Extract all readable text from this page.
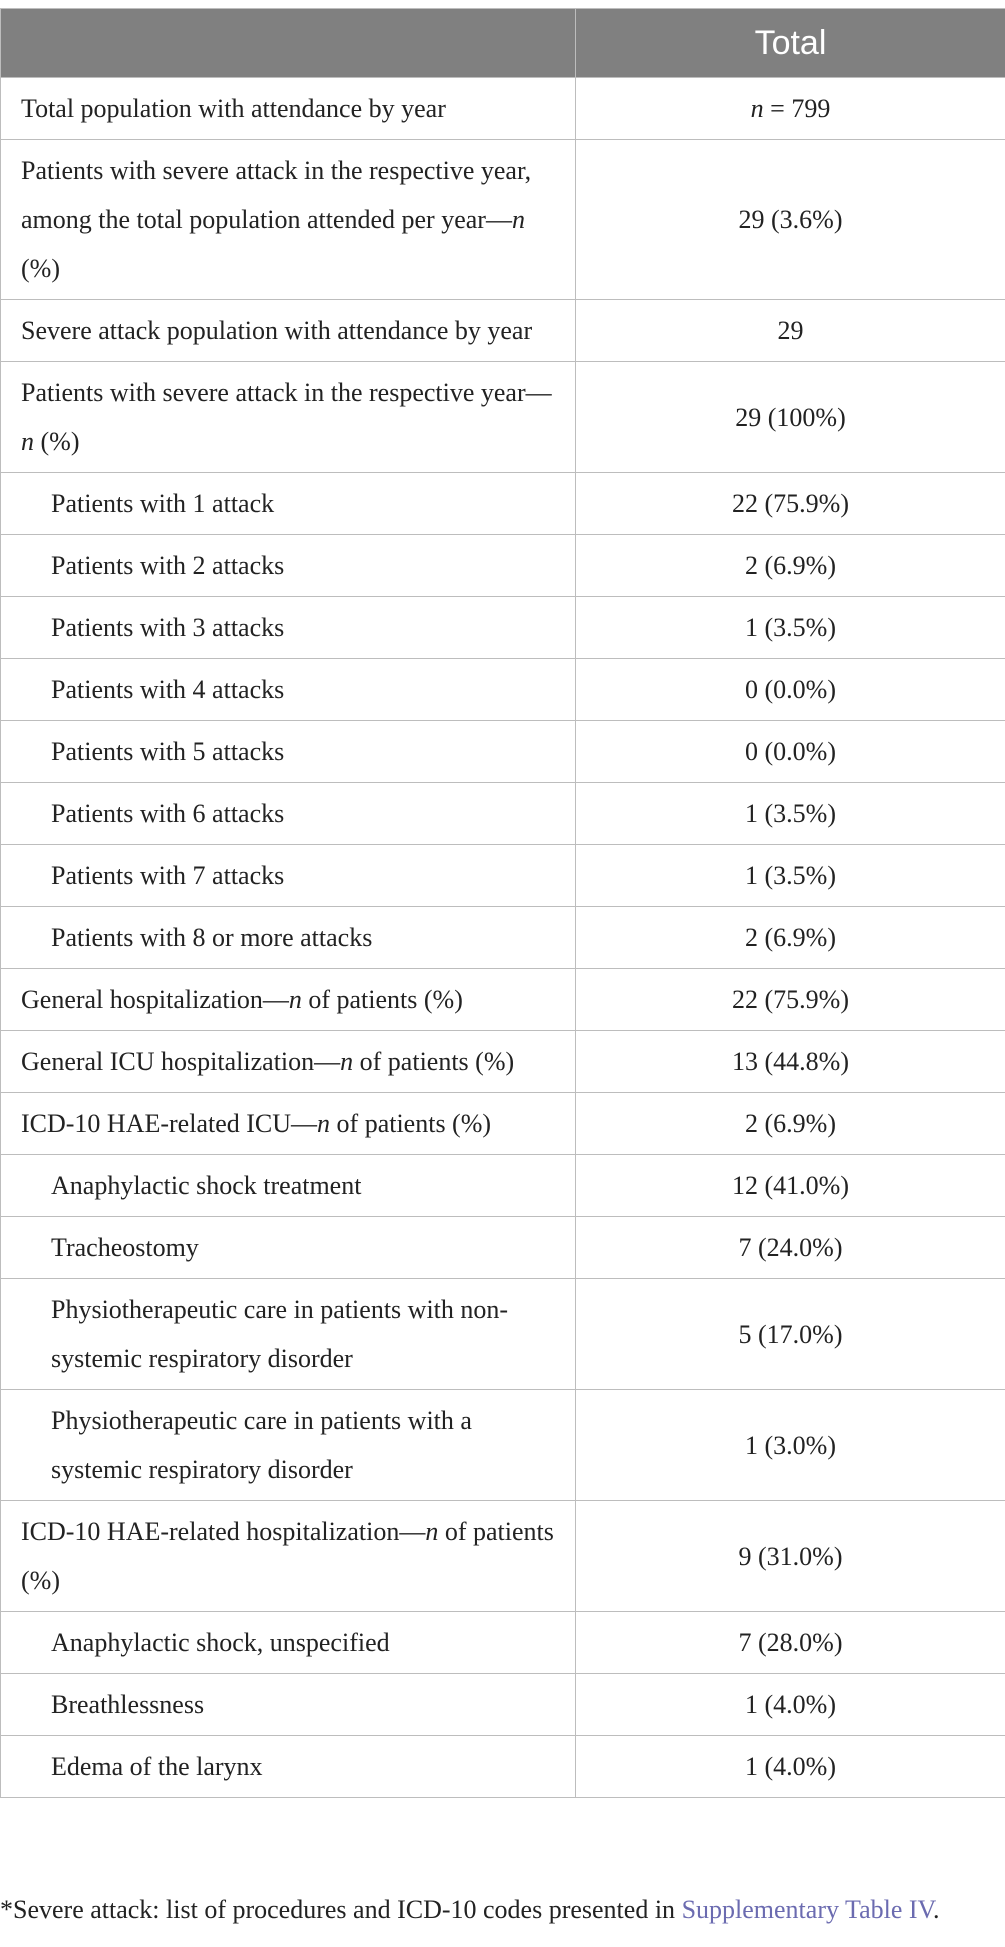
	Total
Total population with attendance by year	n = 799
Patients with severe attack in the respective year, among the total population attended per year—n (%)	29 (3.6%)
Severe attack population with attendance by year	29
Patients with severe attack in the respective year—n (%)	29 (100%)
Patients with 1 attack	22 (75.9%)
Patients with 2 attacks	2 (6.9%)
Patients with 3 attacks	1 (3.5%)
Patients with 4 attacks	0 (0.0%)
Patients with 5 attacks	0 (0.0%)
Patients with 6 attacks	1 (3.5%)
Patients with 7 attacks	1 (3.5%)
Patients with 8 or more attacks	2 (6.9%)
General hospitalization—n of patients (%)	22 (75.9%)
General ICU hospitalization—n of patients (%)	13 (44.8%)
ICD-10 HAE-related ICU—n of patients (%)	2 (6.9%)
Anaphylactic shock treatment	12 (41.0%)
Tracheostomy	7 (24.0%)
Physiotherapeutic care in patients with non-systemic respiratory disorder	5 (17.0%)
Physiotherapeutic care in patients with a systemic respiratory disorder	1 (3.0%)
ICD-10 HAE-related hospitalization—n of patients (%)	9 (31.0%)
Anaphylactic shock, unspecified	7 (28.0%)
Breathlessness	1 (4.0%)
Edema of the larynx	1 (4.0%)
*Severe attack: list of procedures and ICD-10 codes presented in Supplementary Table IV.
